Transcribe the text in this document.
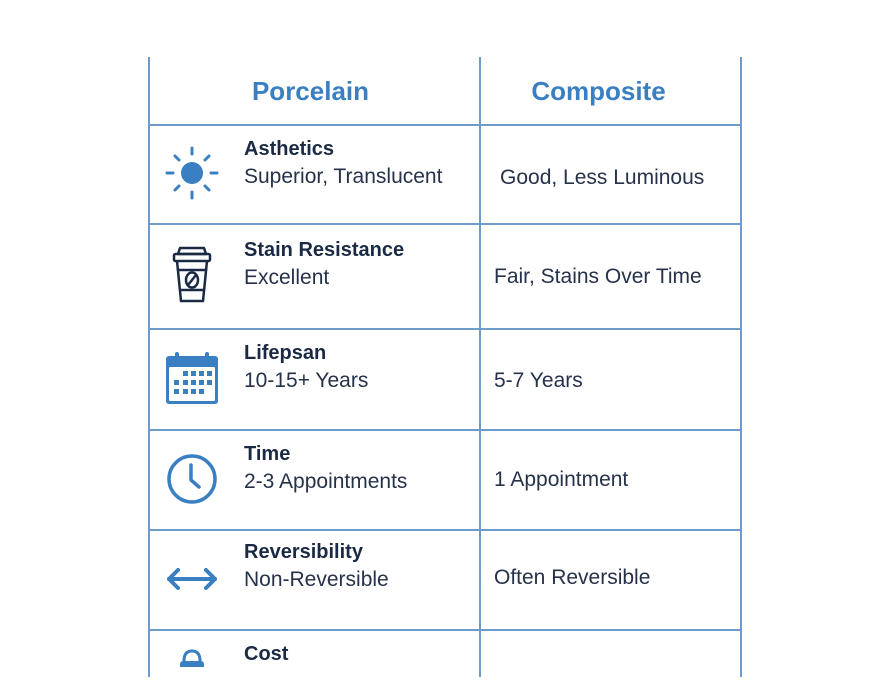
Porcelain	Composite
Asthetics
Superior, Translucent	Good, Less Luminous
Stain Resistance
Excellent	Fair, Stains Over Time
Lifepsan
10-15+ Years	5-7 Years
Time
2-3 Appointments	1 Appointment
Reversibility
Non-Reversible	Often Reversible
Cost
